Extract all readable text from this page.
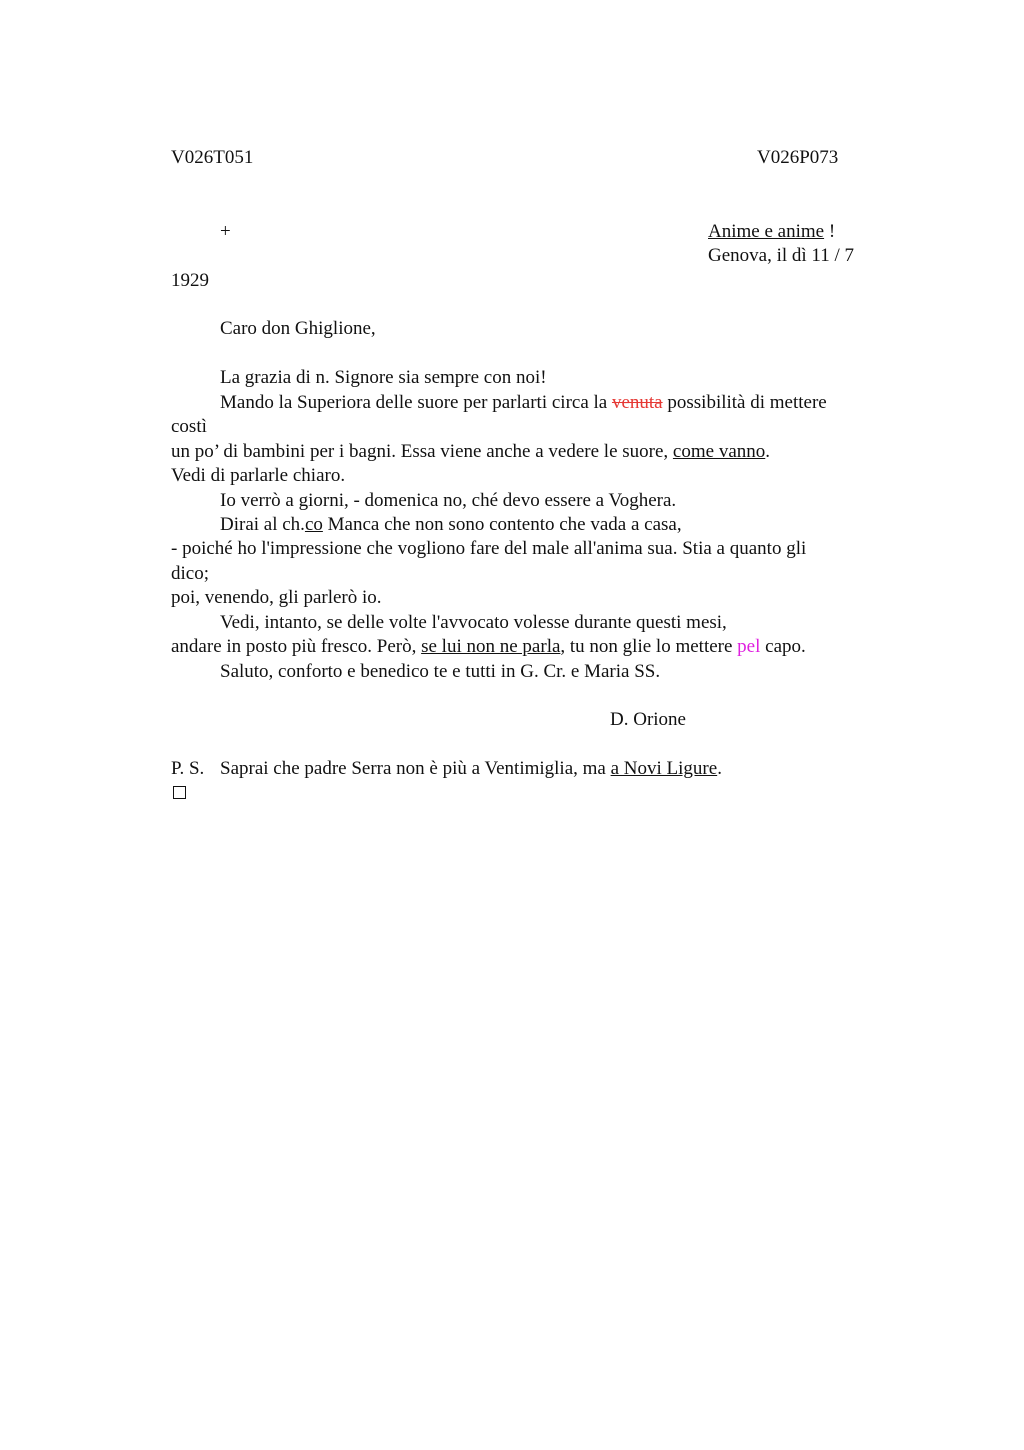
V026T051	V026P073
+	Anime e anime !
Genova, il dì 11 / 7
1929
Caro don Ghiglione,
La grazia di n. Signore sia sempre con noi!
Mando la Superiora delle suore per parlarti circa la venuta possibilità di mettere
costì
un po’ di bambini per i bagni. Essa viene anche a vedere le suore, come vanno.
Vedi di parlarle chiaro.
Io verrò a giorni, - domenica no, ché devo essere a Voghera.
Dirai al ch.co Manca che non sono contento che vada a casa,
- poiché ho l'impressione che vogliono fare del male all'anima sua. Stia a quanto gli
dico;
poi, venendo, gli parlerò io.
Vedi, intanto, se delle volte l'avvocato volesse durante questi mesi,
andare in posto più fresco. Però, se lui non ne parla, tu non glie lo mettere pel capo.
Saluto, conforto e benedico te e tutti in G. Cr. e Maria SS.
D. Orione
P. S. Saprai che padre Serra non è più a Ventimiglia, ma a Novi Ligure.
